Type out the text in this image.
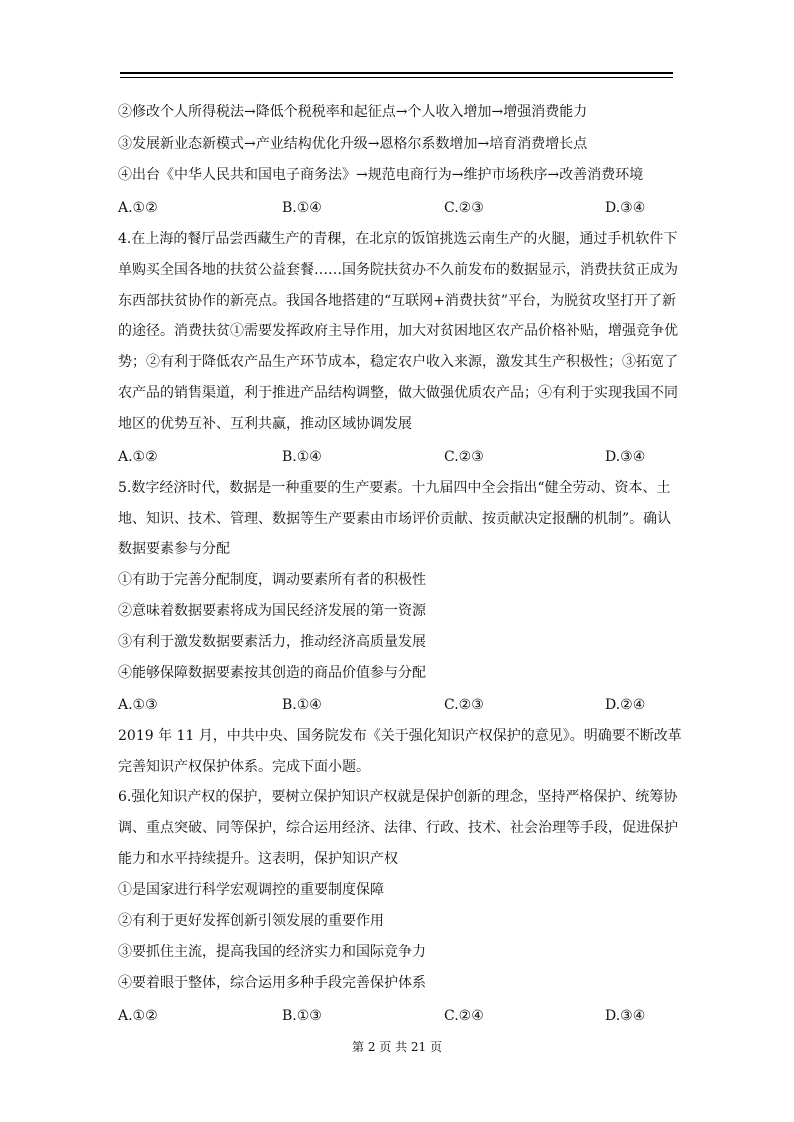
②修改个人所得税法→降低个税税率和起征点→个人收入增加→增强消费能力
③发展新业态新模式→产业结构优化升级→恩格尔系数增加→培育消费增长点
④出台《中华人民共和国电子商务法》→规范电商行为→维护市场秩序→改善消费环境
A.①②	B.①④	C.②③	D.③④
4.在上海的餐厅品尝西藏生产的青稞，在北京的饭馆挑选云南生产的火腿，通过手机软件下
单购买全国各地的扶贫公益套餐……国务院扶贫办不久前发布的数据显示，消费扶贫正成为
东西部扶贫协作的新亮点。我国各地搭建的“互联网+消费扶贫”平台，为脱贫攻坚打开了新
的途径。消费扶贫①需要发挥政府主导作用，加大对贫困地区农产品价格补贴，增强竞争优
势；②有利于降低农产品生产环节成本，稳定农户收入来源，激发其生产积极性；③拓宽了
农产品的销售渠道，利于推进产品结构调整，做大做强优质农产品；④有利于实现我国不同
地区的优势互补、互利共赢，推动区域协调发展
A.①②	B.①④	C.②③	D.③④
5.数字经济时代，数据是一种重要的生产要素。十九届四中全会指出“健全劳动、资本、土
地、知识、技术、管理、数据等生产要素由市场评价贡献、按贡献决定报酬的机制”。确认
数据要素参与分配
①有助于完善分配制度，调动要素所有者的积极性
②意味着数据要素将成为国民经济发展的第一资源
③有利于激发数据要素活力，推动经济高质量发展
④能够保障数据要素按其创造的商品价值参与分配
A.①③	B.①④	C.②③	D.②④
2019 年 11 月，中共中央、国务院发布《关于强化知识产权保护的意见》。明确要不断改革
完善知识产权保护体系。完成下面小题。
6.强化知识产权的保护，要树立保护知识产权就是保护创新的理念，坚持严格保护、统筹协
调、重点突破、同等保护，综合运用经济、法律、行政、技术、社会治理等手段，促进保护
能力和水平持续提升。这表明，保护知识产权
①是国家进行科学宏观调控的重要制度保障
②有利于更好发挥创新引领发展的重要作用
③要抓住主流，提高我国的经济实力和国际竞争力
④要着眼于整体，综合运用多种手段完善保护体系
A.①②	B.①③	C.②④	D.③④
第 2 页 共 21 页
